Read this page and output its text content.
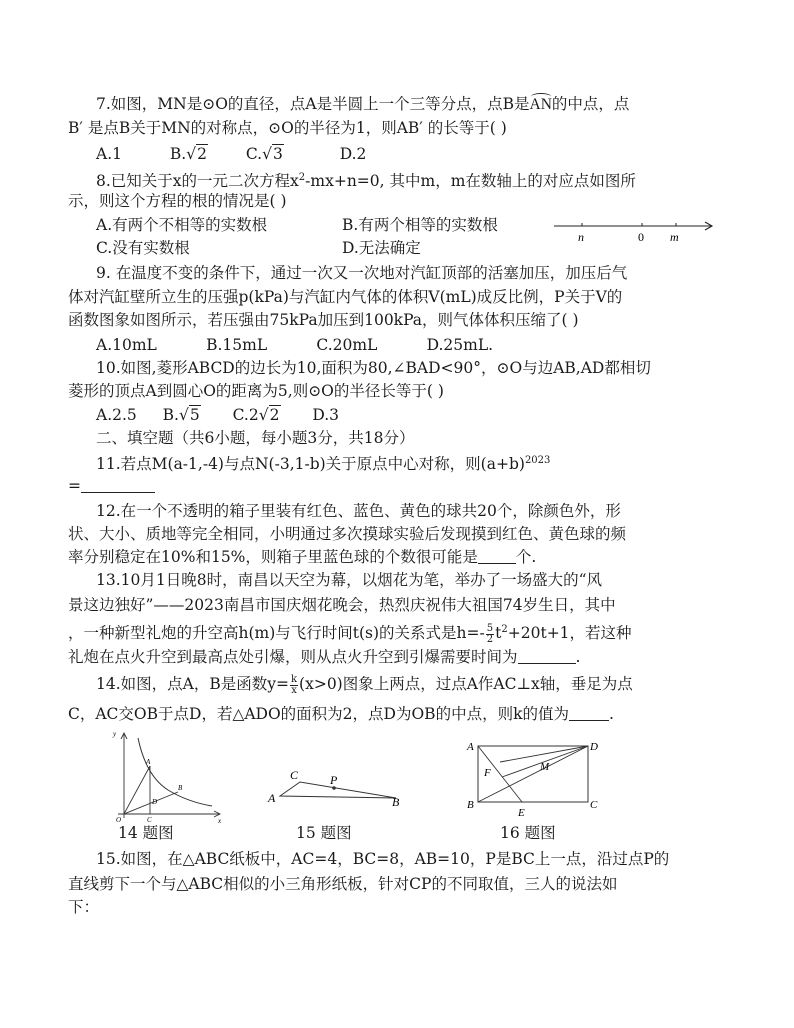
7.如图，MN是⊙O的直径，点A是半圆上一个三等分点，点B是AN的中点，点
B′ 是点B关于MN的对称点，⊙O的半径为1，则AB′ 的长等于( )
A.1	B.√2	C.√3	D.2
8.已知关于x的一元二次方程$x^2-mx+n=0$, 其中m，m在数轴上的对应点如图所
示，则这个方程的根的情况是( )
A.有两个不相等的实数根	B.有两个相等的实数根
C.没有实数根	D.无法确定
n	0 m
9. 在温度不变的条件下，通过一次又一次地对汽缸顶部的活塞加压，加压后气
体对汽缸壁所立生的压强p(kPa)与汽缸内气体的体积V(mL)成反比例，P关于V的
函数图象如图所示，若压强由75kPa加压到100kPa，则气体体积压缩了( )
A.10mL          B.15mL          C.20mL          D.25mL.
10.如图,菱形ABCD的边长为10,面积为80,∠BAD<90°，⊙O与边AB,AD都相切
菱形的顶点A到圆心O的距离为5,则⊙O的半径长等于( )
A.2.5 B.√5 C.2√2 D.3
二、填空题（共6小题，每小题3分，共18分）
11.若点M(a-1,-4)与点N(-3,1-b)关于原点中心对称，则$(a+b)^{2023}$
=
12.在一个不透明的箱子里装有红色、蓝色、黄色的球共20个，除颜色外，形
状、大小、质地等完全相同，小明通过多次摸球实验后发现摸到红色、黄色球的频
率分别稳定在10%和15%，则箱子里蓝色球的个数很可能是 个.
13.10月1日晚8时，南昌以天空为幕，以烟花为笔，举办了一场盛大的“风
景这边独好”——2023南昌市国庆烟花晚会，热烈庆祝伟大祖国74岁生日，其中
，一种新型礼炮的升空高h(m)与飞行时间t(s)的关系式是$h=- \frac{5}{2} t^2+20t+1$，若这种
礼炮在点火升空到最高点处引爆，则从点火升空到引爆需要时间为	.
14.如图，点A，B是函数$y= \frac{k}{x} (x>0)$图象上两点，过点A作AC⊥x轴，垂足为点
C，AC交OB于点D，若△ADO的面积为2，点D为OB的中点，则k的值为	.
y
x
O
A
B
C
D	A
C	P
B
A	D
B	C
E
F	M
14 题图	15 题图	16 题图
15.如图，在△ABC纸板中，AC=4，BC=8，AB=10，P是BC上一点，沿过点P的
直线剪下一个与△ABC相似的小三角形纸板，针对CP的不同取值，三人的说法如
下：
